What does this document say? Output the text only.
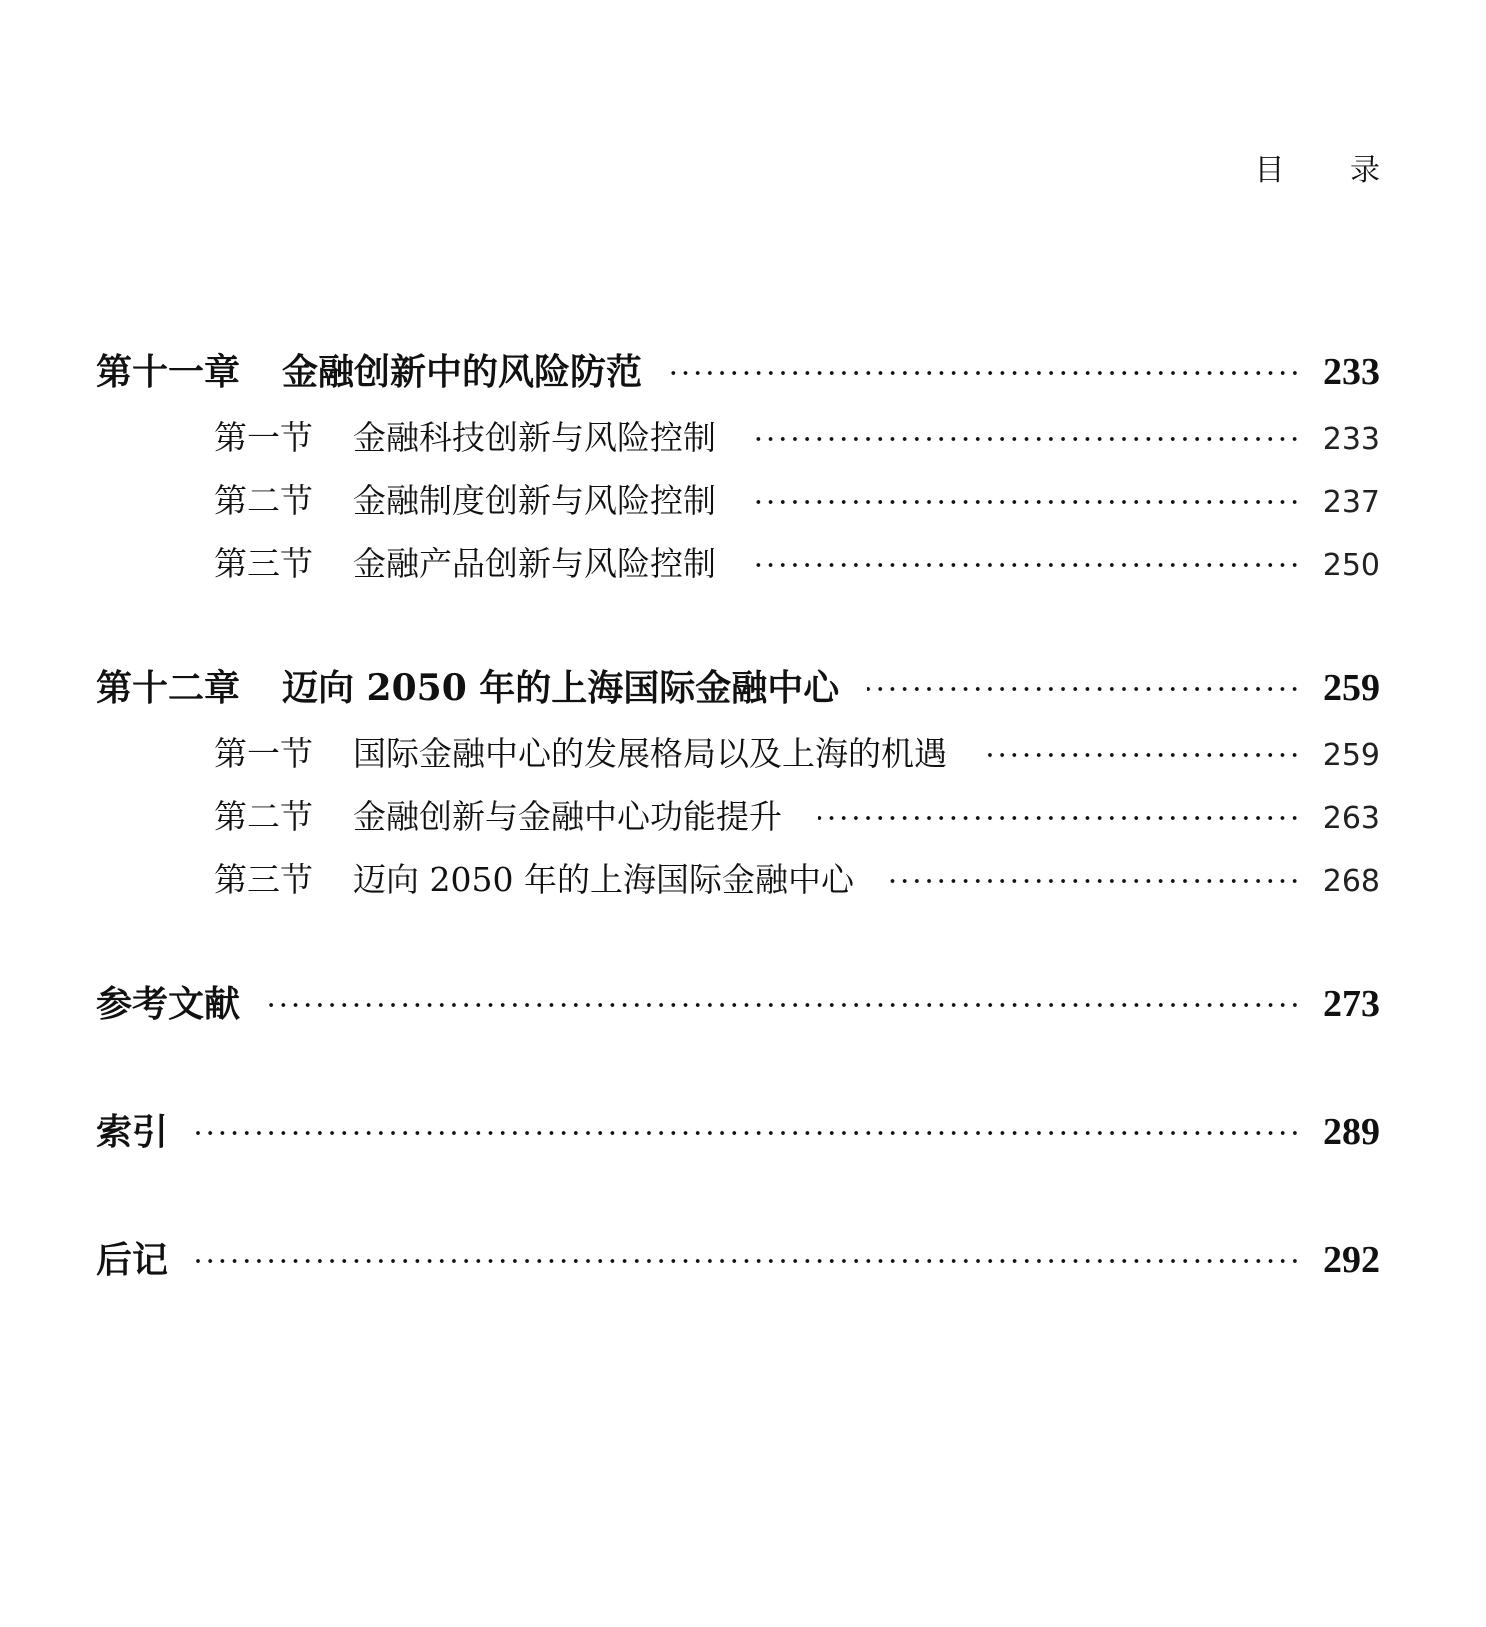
目 录
第十一章 金融创新中的风险防范	233
第一节 金融科技创新与风险控制	233
第二节 金融制度创新与风险控制	237
第三节 金融产品创新与风险控制	250
第十二章 迈向 2050 年的上海国际金融中心	259
第一节 国际金融中心的发展格局以及上海的机遇	259
第二节 金融创新与金融中心功能提升	263
第三节 迈向 2050 年的上海国际金融中心	268
参考文献	273
索引	289
后记	292
